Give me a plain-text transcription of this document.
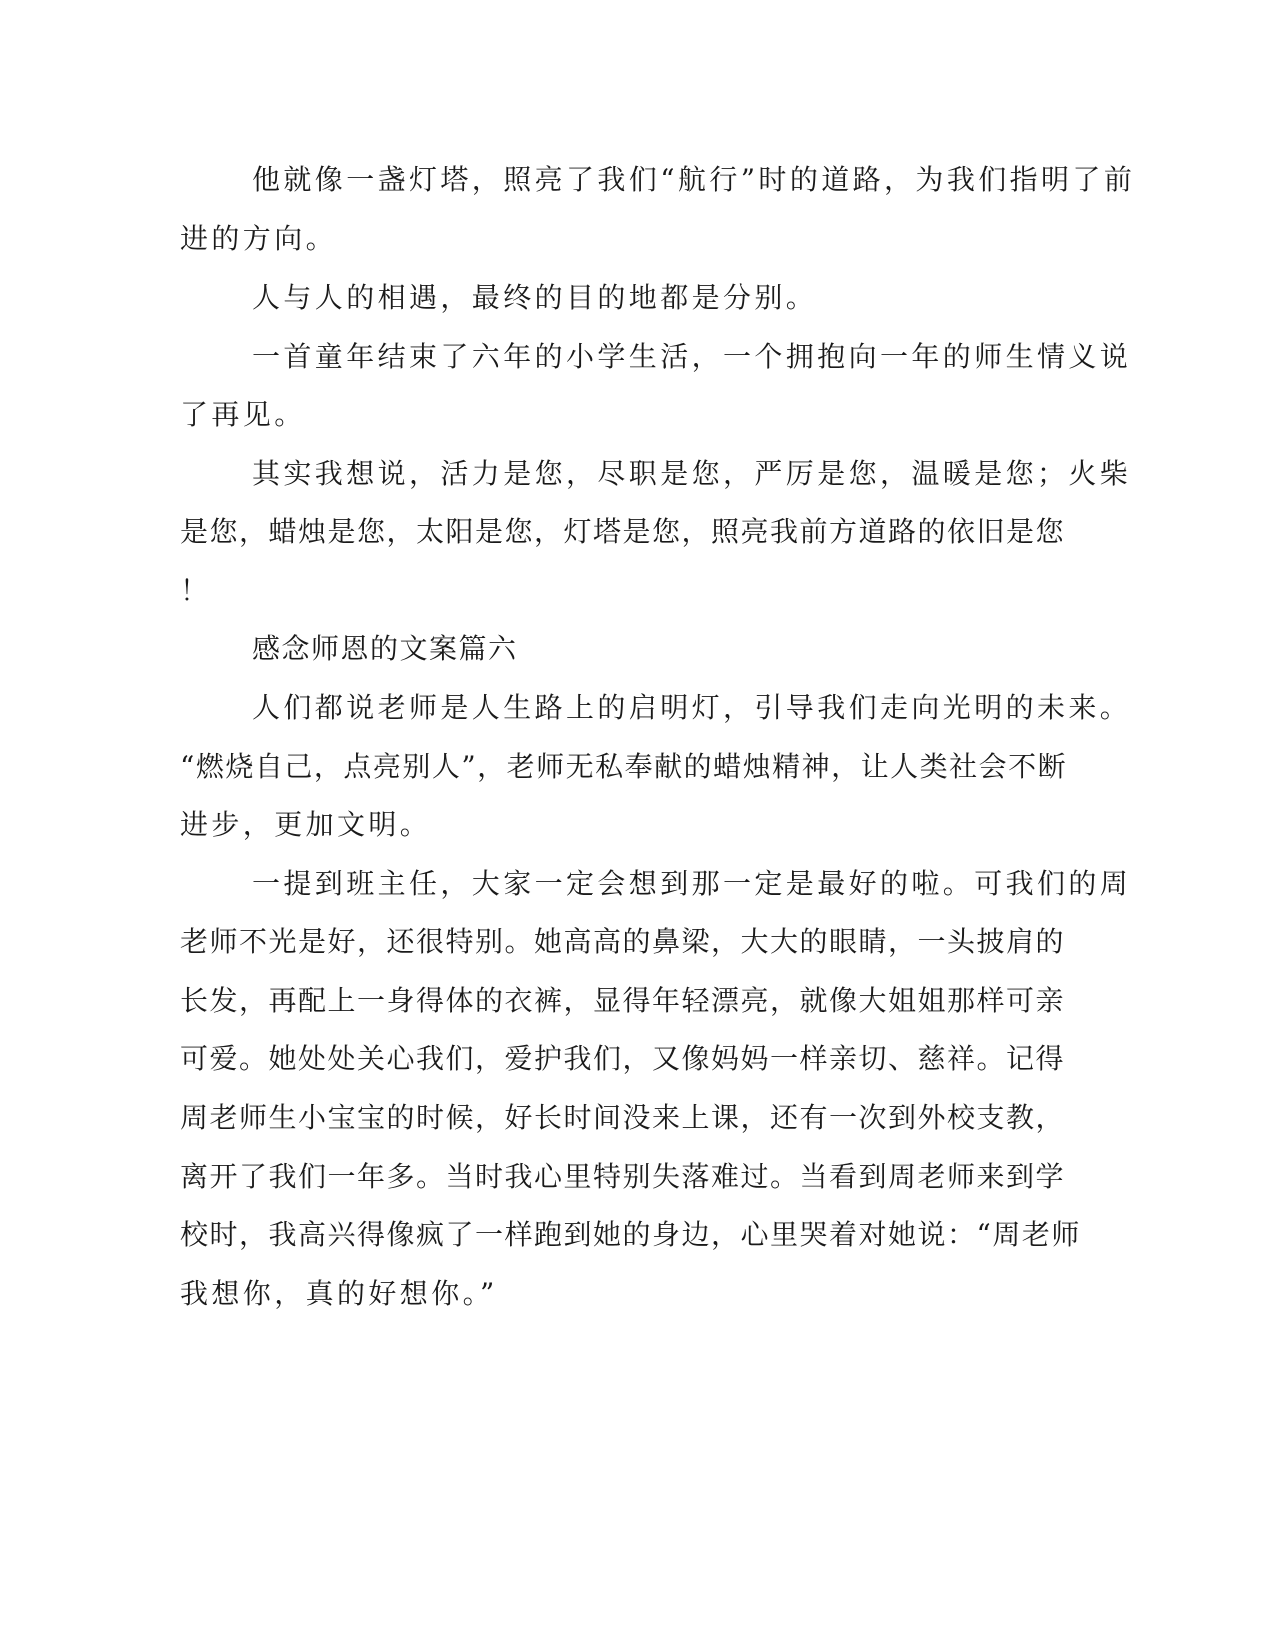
他就像一盏灯塔，照亮了我们“航行”时的道路，为我们指明了前
进的方向。
人与人的相遇，最终的目的地都是分别。
一首童年结束了六年的小学生活，一个拥抱向一年的师生情义说
了再见。
其实我想说，活力是您，尽职是您，严厉是您，温暖是您；火柴
是您，蜡烛是您，太阳是您，灯塔是您，照亮我前方道路的依旧是您
！
感念师恩的文案篇六
人们都说老师是人生路上的启明灯，引导我们走向光明的未来。
“燃烧自己，点亮别人”，老师无私奉献的蜡烛精神，让人类社会不断
进步，更加文明。
一提到班主任，大家一定会想到那一定是最好的啦。可我们的周
老师不光是好，还很特别。她高高的鼻梁，大大的眼睛，一头披肩的
长发，再配上一身得体的衣裤，显得年轻漂亮，就像大姐姐那样可亲
可爱。她处处关心我们，爱护我们，又像妈妈一样亲切、慈祥。记得
周老师生小宝宝的时候，好长时间没来上课，还有一次到外校支教，
离开了我们一年多。当时我心里特别失落难过。当看到周老师来到学
校时，我高兴得像疯了一样跑到她的身边，心里哭着对她说：“周老师
我想你，真的好想你。”
